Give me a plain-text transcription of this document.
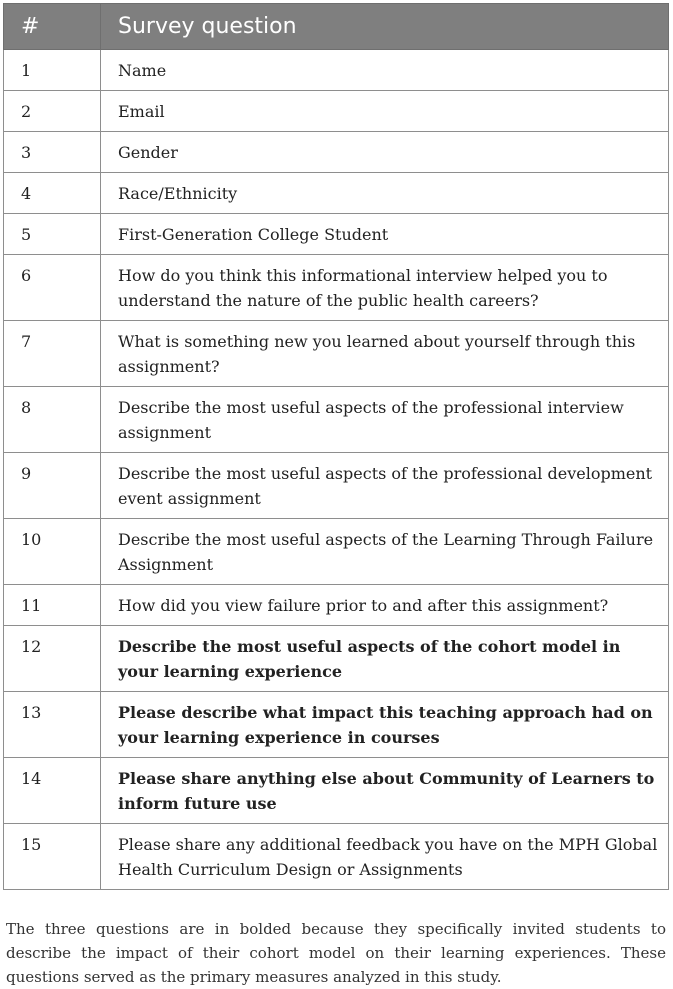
#	Survey question
1	Name
2	Email
3	Gender
4	Race/Ethnicity
5	First-Generation College Student
6	How do you think this informational interview helped you to understand the nature of the public health careers?
7	What is something new you learned about yourself through this assignment?
8	Describe the most useful aspects of the professional interview assignment
9	Describe the most useful aspects of the professional development event assignment
10	Describe the most useful aspects of the Learning Through Failure Assignment
11	How did you view failure prior to and after this assignment?
12	Describe the most useful aspects of the cohort model in your learning experience
13	Please describe what impact this teaching approach had on your learning experience in courses
14	Please share anything else about Community of Learners to inform future use
15	Please share any additional feedback you have on the MPH Global Health Curriculum Design or Assignments

The three questions are in bolded because they specifically invited students to describe the impact of their cohort model on their learning experiences. These questions served as the primary measures analyzed in this study.
